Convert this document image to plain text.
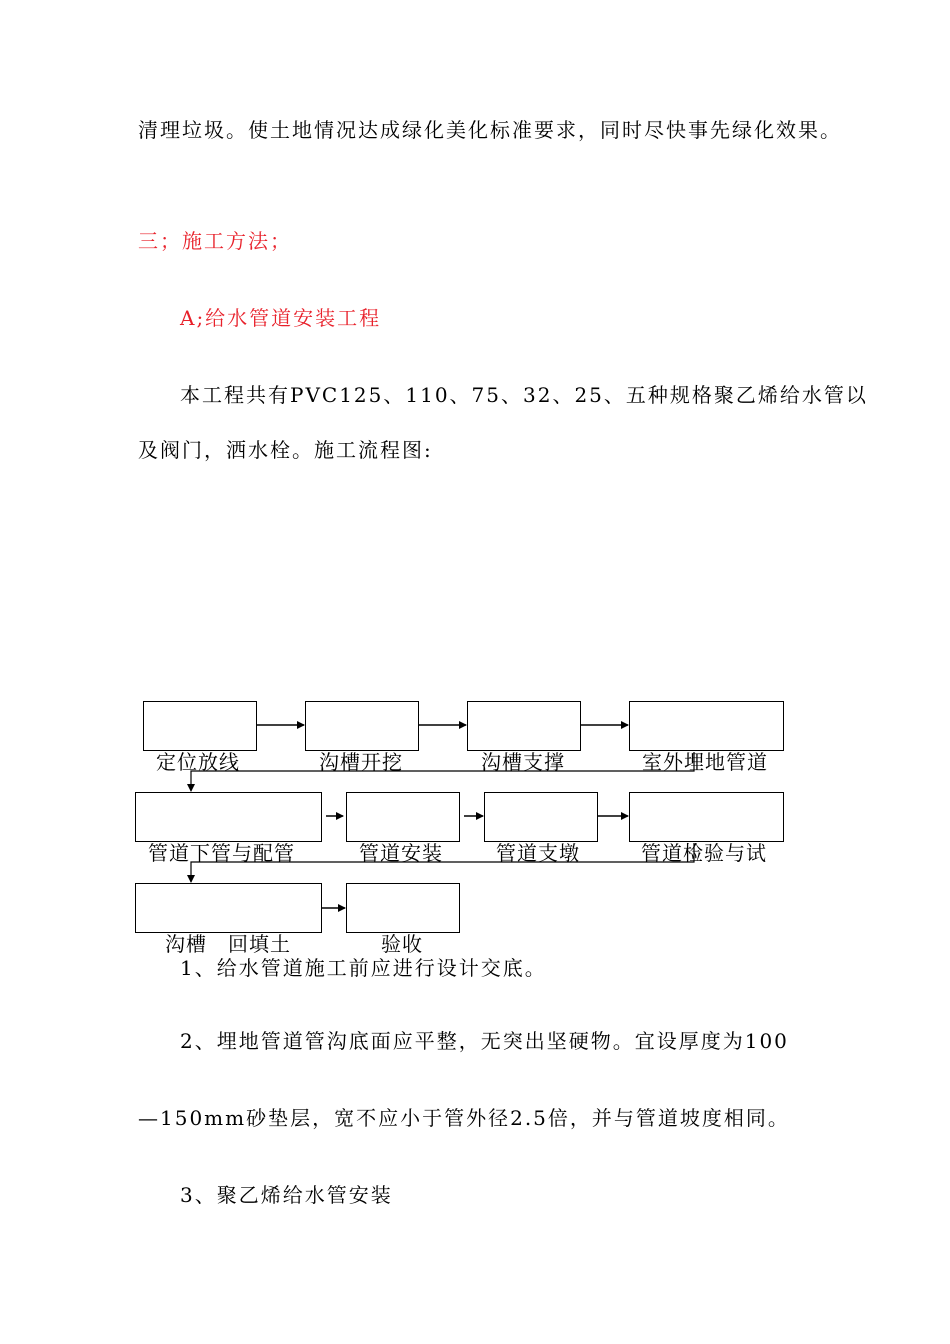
清理垃圾。使土地情况达成绿化美化标准要求，同时尽快事先绿化效果。
三；施工方法；
A;给水管道安装工程
本工程共有PVC125、110、75、32、25、五种规格聚乙烯给水管以
及阀门，洒水栓。施工流程图:
定位放线	沟槽开挖	沟槽支撑	室外埋地管道
管道下管与配管	管道安装	管道支墩	管道检验与试
沟槽　回填土	验收
1、给水管道施工前应进行设计交底。
2、埋地管道管沟底面应平整，无突出坚硬物。宜设厚度为100
—150mm砂垫层，宽不应小于管外径2.5倍，并与管道坡度相同。
3、聚乙烯给水管安装
